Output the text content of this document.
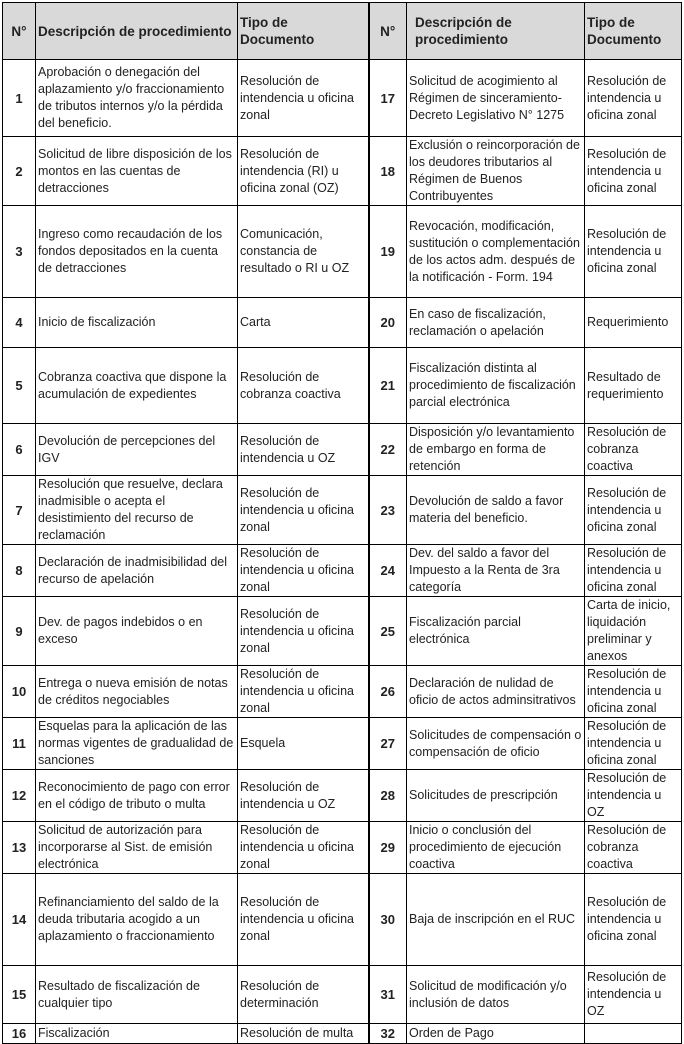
N°	Descripción de procedimiento	Tipo de Documento	N°	Descripción de procedimiento	Tipo de Documento
1	Aprobación o denegación del aplazamiento y/o fraccionamiento de tributos internos y/o la pérdida del beneficio.	Resolución de intendencia u oficina zonal	17	Solicitud de acogimiento al Régimen de sinceramiento-Decreto Legislativo N° 1275	Resolución de intendencia u oficina zonal
2	Solicitud de libre disposición de los montos en las cuentas de detracciones	Resolución de intendencia (RI) u oficina zonal (OZ)	18	Exclusión o reincorporación de los deudores tributarios al Régimen de Buenos Contribuyentes	Resolución de intendencia u oficina zonal
3	Ingreso como recaudación de los fondos depositados en la cuenta de detracciones	Comunicación, constancia de resultado o RI u OZ	19	Revocación, modificación, sustitución o complementación de los actos adm. después de la notificación - Form. 194	Resolución de intendencia u oficina zonal
4	Inicio de fiscalización	Carta	20	En caso de fiscalización, reclamación o apelación	Requerimiento
5	Cobranza coactiva que dispone la acumulación de expedientes	Resolución de cobranza coactiva	21	Fiscalización distinta al procedimiento de fiscalización parcial electrónica	Resultado de requerimiento
6	Devolución de percepciones del IGV	Resolución de intendencia u OZ	22	Disposición y/o levantamiento de embargo en forma de retención	Resolución de cobranza coactiva
7	Resolución que resuelve, declara inadmisible o acepta el desistimiento del recurso de reclamación	Resolución de intendencia u oficina zonal	23	Devolución de saldo a favor materia del beneficio.	Resolución de intendencia u oficina zonal
8	Declaración de inadmisibilidad del recurso de apelación	Resolución de intendencia u oficina zonal	24	Dev. del saldo a favor del Impuesto a la Renta de 3ra categoría	Resolución de intendencia u oficina zonal
9	Dev. de pagos indebidos o en exceso	Resolución de intendencia u oficina zonal	25	Fiscalización parcial electrónica	Carta de inicio, liquidación preliminar y anexos
10	Entrega o nueva emisión de notas de créditos negociables	Resolución de intendencia u oficina zonal	26	Declaración de nulidad de oficio de actos adminsitrativos	Resolución de intendencia u oficina zonal
11	Esquelas para la aplicación de las normas vigentes de gradualidad de sanciones	Esquela	27	Solicitudes de compensación o compensación de oficio	Resolución de intendencia u oficina zonal
12	Reconocimiento de pago con error en el código de tributo o multa	Resolución de intendencia u OZ	28	Solicitudes de prescripción	Resolución de intendencia u OZ
13	Solicitud de autorización para incorporarse al Sist. de emisión electrónica	Resolución de intendencia u oficina zonal	29	Inicio o conclusión del procedimiento de ejecución coactiva	Resolución de cobranza coactiva
14	Refinanciamiento del saldo de la deuda tributaria acogido a un aplazamiento o fraccionamiento	Resolución de intendencia u oficina zonal	30	Baja de inscripción en el RUC	Resolución de intendencia u oficina zonal
15	Resultado de fiscalización de cualquier tipo	Resolución de determinación	31	Solicitud de modificación y/o inclusión de datos	Resolución de intendencia u OZ
16	Fiscalización	Resolución de multa	32	Orden de Pago	
